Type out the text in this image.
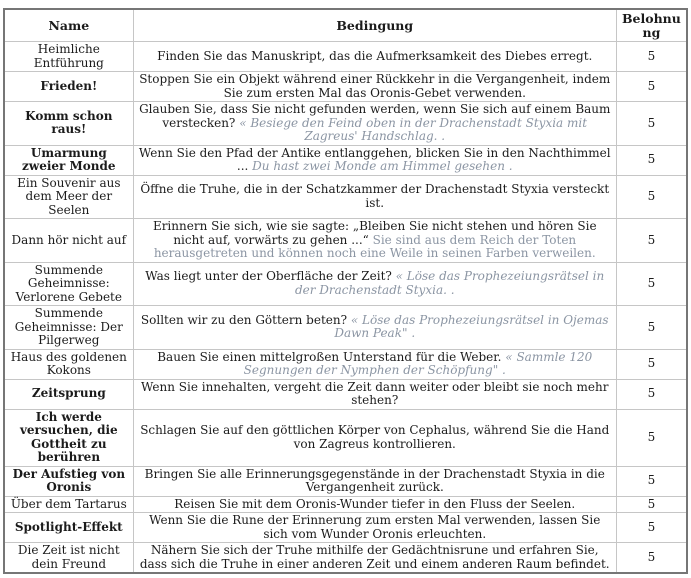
Name	Bedingung	Belohnung
Heimliche Entführung	Finden Sie das Manuskript, das die Aufmerksamkeit des Diebes erregt.	5
Frieden!	Stoppen Sie ein Objekt während einer Rückkehr in die Vergangenheit, indem Sie zum ersten Mal das Oronis-Gebet verwenden.	5
Komm schon raus!	Glauben Sie, dass Sie nicht gefunden werden, wenn Sie sich auf einem Baum verstecken? « Besiege den Feind oben in der Drachenstadt Styxia mit Zagreus' Handschlag. .	5
Umarmung zweier Monde	Wenn Sie den Pfad der Antike entlanggehen, blicken Sie in den Nachthimmel ... Du hast zwei Monde am Himmel gesehen .	5
Ein Souvenir aus dem Meer der Seelen	Öffne die Truhe, die in der Schatzkammer der Drachenstadt Styxia versteckt ist.	5
Dann hör nicht auf	Erinnern Sie sich, wie sie sagte: „Bleiben Sie nicht stehen und hören Sie nicht auf, vorwärts zu gehen ...“ Sie sind aus dem Reich der Toten herausgetreten und können noch eine Weile in seinen Farben verweilen.	5
Summende Geheimnisse: Verlorene Gebete	Was liegt unter der Oberfläche der Zeit? « Löse das Prophezeiungsrätsel in der Drachenstadt Styxia. .	5
Summende Geheimnisse: Der Pilgerweg	Sollten wir zu den Göttern beten? « Löse das Prophezeiungsrätsel in Ojemas Dawn Peak" .	5
Haus des goldenen Kokons	Bauen Sie einen mittelgroßen Unterstand für die Weber. « Sammle 120 Segnungen der Nymphen der Schöpfung" .	5
Zeitsprung	Wenn Sie innehalten, vergeht die Zeit dann weiter oder bleibt sie noch mehr stehen?	5
Ich werde versuchen, die Gottheit zu berühren	Schlagen Sie auf den göttlichen Körper von Cephalus, während Sie die Hand von Zagreus kontrollieren.	5
Der Aufstieg von Oronis	Bringen Sie alle Erinnerungsgegenstände in der Drachenstadt Styxia in die Vergangenheit zurück.	5
Über dem Tartarus	Reisen Sie mit dem Oronis-Wunder tiefer in den Fluss der Seelen.	5
Spotlight-Effekt	Wenn Sie die Rune der Erinnerung zum ersten Mal verwenden, lassen Sie sich vom Wunder Oronis erleuchten.	5
Die Zeit ist nicht dein Freund	Nähern Sie sich der Truhe mithilfe der Gedächtnisrune und erfahren Sie, dass sich die Truhe in einer anderen Zeit und einem anderen Raum befindet.	5
